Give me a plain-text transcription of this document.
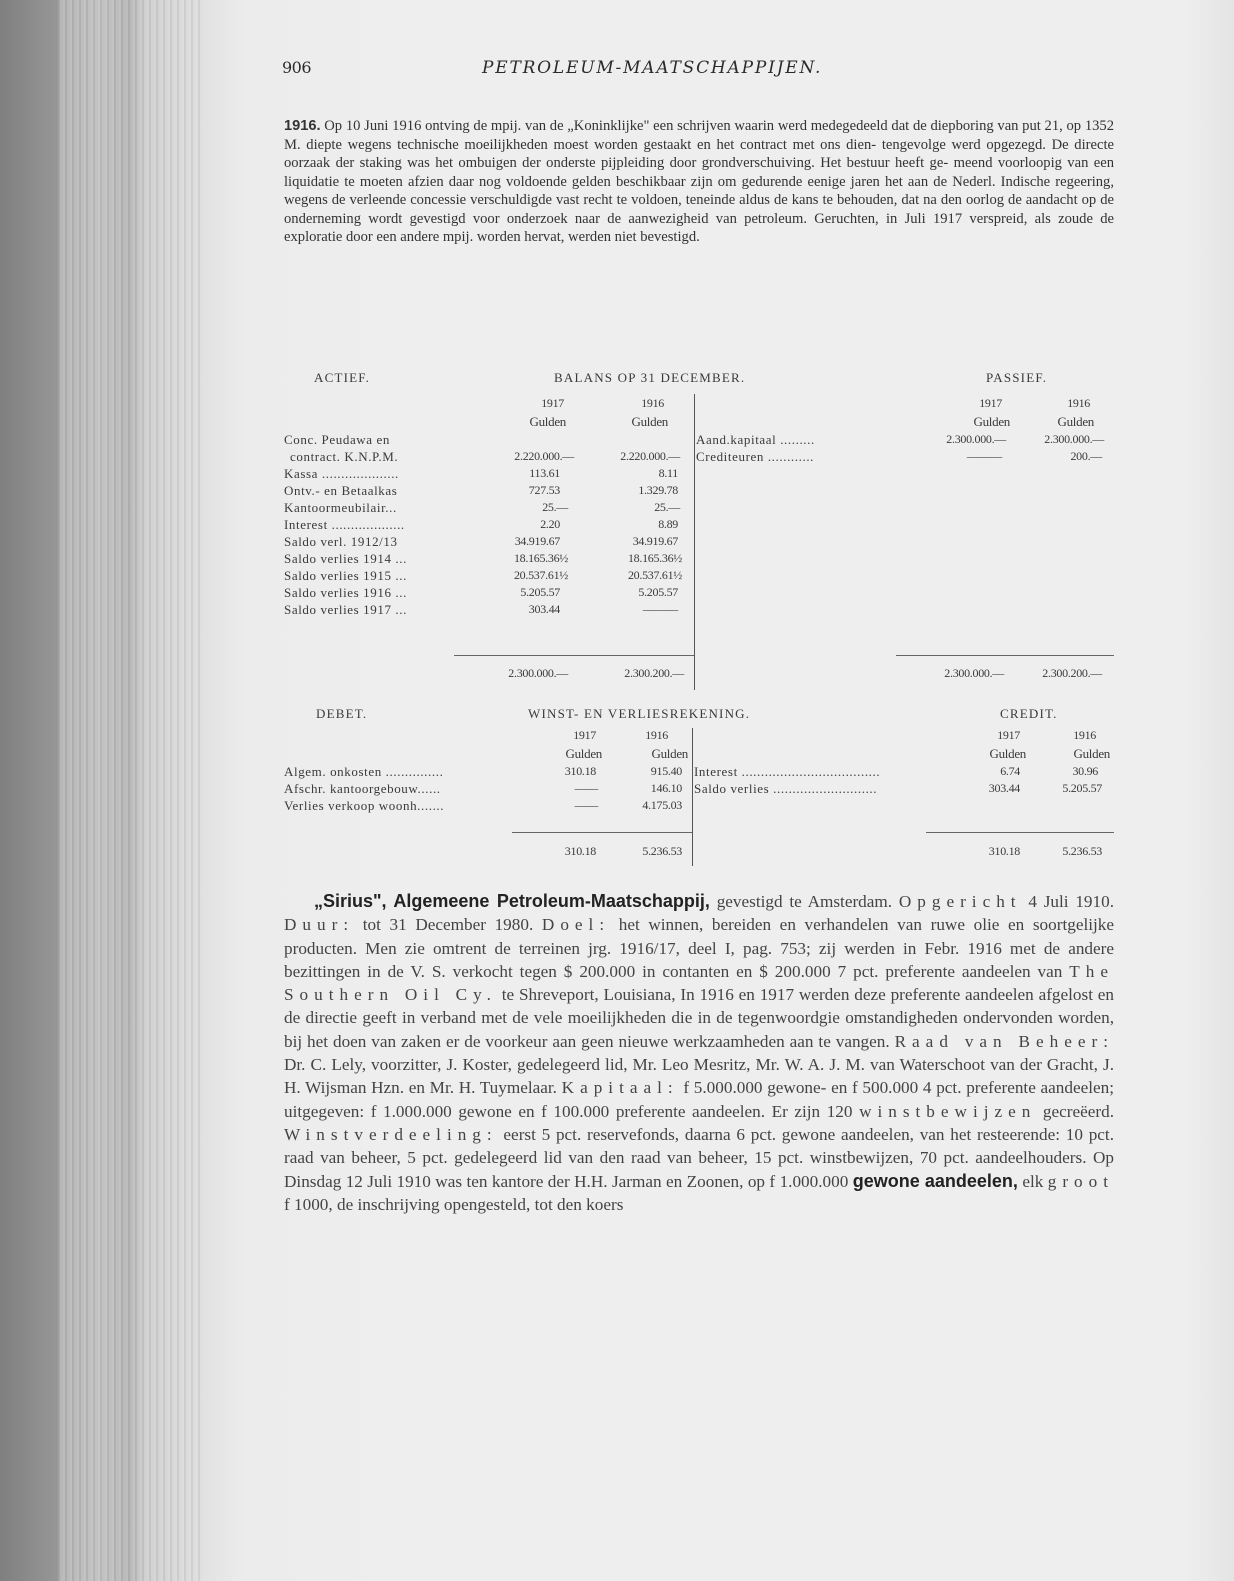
906	PETROLEUM-MAATSCHAPPIJEN.
1916. Op 10 Juni 1916 ontving de mpij. van de „Koninklijke" een schrijven waarin werd medegedeeld dat de diepboring van put 21, op 1352 M. diepte wegens technische moeilijkheden moest worden gestaakt en het contract met ons dien- tengevolge werd opgezegd. De directe oorzaak der staking was het ombuigen der onderste pijpleiding door grondverschuiving. Het bestuur heeft ge- meend voorloopig van een liquidatie te moeten afzien daar nog voldoende gelden beschikbaar zijn om gedurende eenige jaren het aan de Nederl. Indische regeering, wegens de verleende concessie verschuldigde vast recht te voldoen, teneinde aldus de kans te behouden, dat na den oorlog de aandacht op de onderneming wordt gevestigd voor onderzoek naar de aanwezigheid van petroleum. Geruchten, in Juli 1917 verspreid, als zoude de exploratie door een andere mpij. worden hervat, werden niet bevestigd.
ACTIEF.	BALANS OP 31 DECEMBER.	PASSIEF.
1917	1916
Gulden	Gulden
1917	1916
Gulden	Gulden
Conc. Peudawa en
contract. K.N.P.M.	2.220.000.—	2.220.000.—
Kassa ....................	113.61	8.11
Ontv.- en Betaalkas	727.53	1.329.78
Kantoormeubilair...	25.—	25.—
Interest ...................	2.20	8.89
Saldo verl. 1912/13	34.919.67	34.919.67
Saldo verlies 1914 ...	18.165.36½	18.165.36½
Saldo verlies 1915 ...	20.537.61½	20.537.61½
Saldo verlies 1916 ...	5.205.57	5.205.57
Saldo verlies 1917 ...	303.44	———
2.300.000.—	2.300.200.—
Aand.kapitaal .........	2.300.000.—	2.300.000.—
Crediteuren ............	———	200.—
2.300.000.—	2.300.200.—
DEBET.	WINST- EN VERLIESREKENING.	CREDIT.
1917	1916
Gulden	Gulden
1917	1916
Gulden	Gulden
Algem. onkosten ...............	310.18	915.40
Afschr. kantoorgebouw......	——	146.10
Verlies verkoop woonh.......	——	4.175.03
310.18	5.236.53
Interest ....................................	6.74	30.96
Saldo verlies ...........................	303.44	5.205.57
310.18	5.236.53
„Sirius", Algemeene Petroleum-Maatschappij, gevestigd te Amsterdam. Opgericht 4 Juli 1910. Duur: tot 31 December 1980. Doel: het winnen, bereiden en verhandelen van ruwe olie en soortgelijke producten. Men zie omtrent de terreinen jrg. 1916/17, deel I, pag. 753; zij werden in Febr. 1916 met de andere bezittingen in de V. S. verkocht tegen $ 200.000 in contanten en $ 200.000 7 pct. preferente aandeelen van The Southern Oil Cy. te Shreveport, Louisiana, In 1916 en 1917 werden deze preferente aandeelen afgelost en de directie geeft in verband met de vele moeilijkheden die in de tegenwoordgie omstandigheden ondervonden worden, bij het doen van zaken er de voorkeur aan geen nieuwe werkzaamheden aan te vangen. Raad van Beheer: Dr. C. Lely, voorzitter, J. Koster, gedelegeerd lid, Mr. Leo Mesritz, Mr. W. A. J. M. van Waterschoot van der Gracht, J. H. Wijsman Hzn. en Mr. H. Tuymelaar. Kapitaal: f 5.000.000 gewone- en f 500.000 4 pct. preferente aandeelen; uitgegeven: f 1.000.000 gewone en f 100.000 preferente aandeelen. Er zijn 120 winstbewijzen gecreëerd. Winstverdeeling: eerst 5 pct. reservefonds, daarna 6 pct. gewone aandeelen, van het resteerende: 10 pct. raad van beheer, 5 pct. gedelegeerd lid van den raad van beheer, 15 pct. winstbewijzen, 70 pct. aandeelhouders. Op Dinsdag 12 Juli 1910 was ten kantore der H.H. Jarman en Zoonen, op f 1.000.000 gewone aandeelen, elk groot f 1000, de inschrijving opengesteld, tot den koers
